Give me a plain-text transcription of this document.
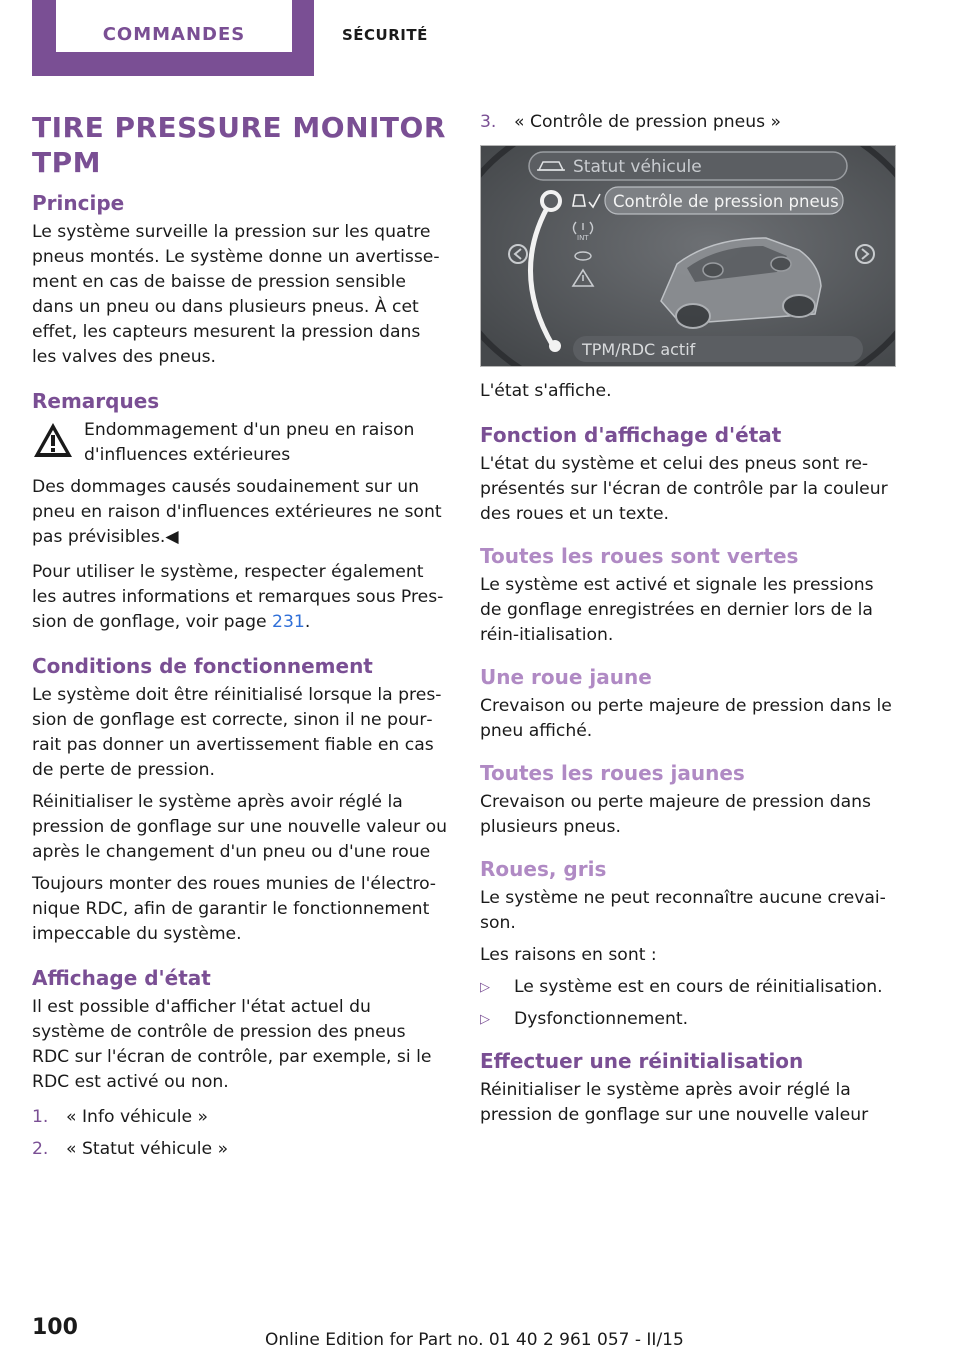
COMMANDES	SÉCURITÉ
TIRE PRESSURE MONITOR
TPM
Principe
Le système surveille la pression sur les quatre pneus montés. Le système donne un avertisse‐ment en cas de baisse de pression sensible dans un pneu ou dans plusieurs pneus. À cet effet, les capteurs mesurent la pression dans les valves des pneus.
Remarques
Endommagement d'un pneu en raison d'influences extérieures
Des dommages causés soudainement sur un pneu en raison d'influences extérieures ne sont pas prévisibles.◀
Pour utiliser le système, respecter également les autres informations et remarques sous Pres‐sion de gonflage, voir page 231.
Conditions de fonctionnement
Le système doit être réinitialisé lorsque la pres‐sion de gonflage est correcte, sinon il ne pour‐rait pas donner un avertissement fiable en cas de perte de pression.
Réinitialiser le système après avoir réglé la pression de gonflage sur une nouvelle valeur ou après le changement d'un pneu ou d'une roue
Toujours monter des roues munies de l'électro‐nique RDC, afin de garantir le fonctionnement impeccable du système.
Affichage d'état
Il est possible d'afficher l'état actuel du système de contrôle de pression des pneus RDC sur l'écran de contrôle, par exemple, si le RDC est activé ou non.
1.	« Info véhicule »
2.	« Statut véhicule »
3.	« Contrôle de pression pneus »
INT
Statut véhicule
Contrôle de pression pneus
TPM/RDC actif
L'état s'affiche.
Fonction d'affichage d'état
L'état du système et celui des pneus sont re‐présentés sur l'écran de contrôle par la couleur des roues et un texte.
Toutes les roues sont vertes
Le système est activé et signale les pressions de gonflage enregistrées en dernier lors de la réin‐itialisation.
Une roue jaune
Crevaison ou perte majeure de pression dans le pneu affiché.
Toutes les roues jaunes
Crevaison ou perte majeure de pression dans plusieurs pneus.
Roues, gris
Le système ne peut reconnaître aucune crevai‐son.
Les raisons en sont :
▷	Le système est en cours de réinitialisation.
▷	Dysfonctionnement.
Effectuer une réinitialisation
Réinitialiser le système après avoir réglé la pression de gonflage sur une nouvelle valeur
100	Online Edition for Part no. 01 40 2 961 057 - II/15
